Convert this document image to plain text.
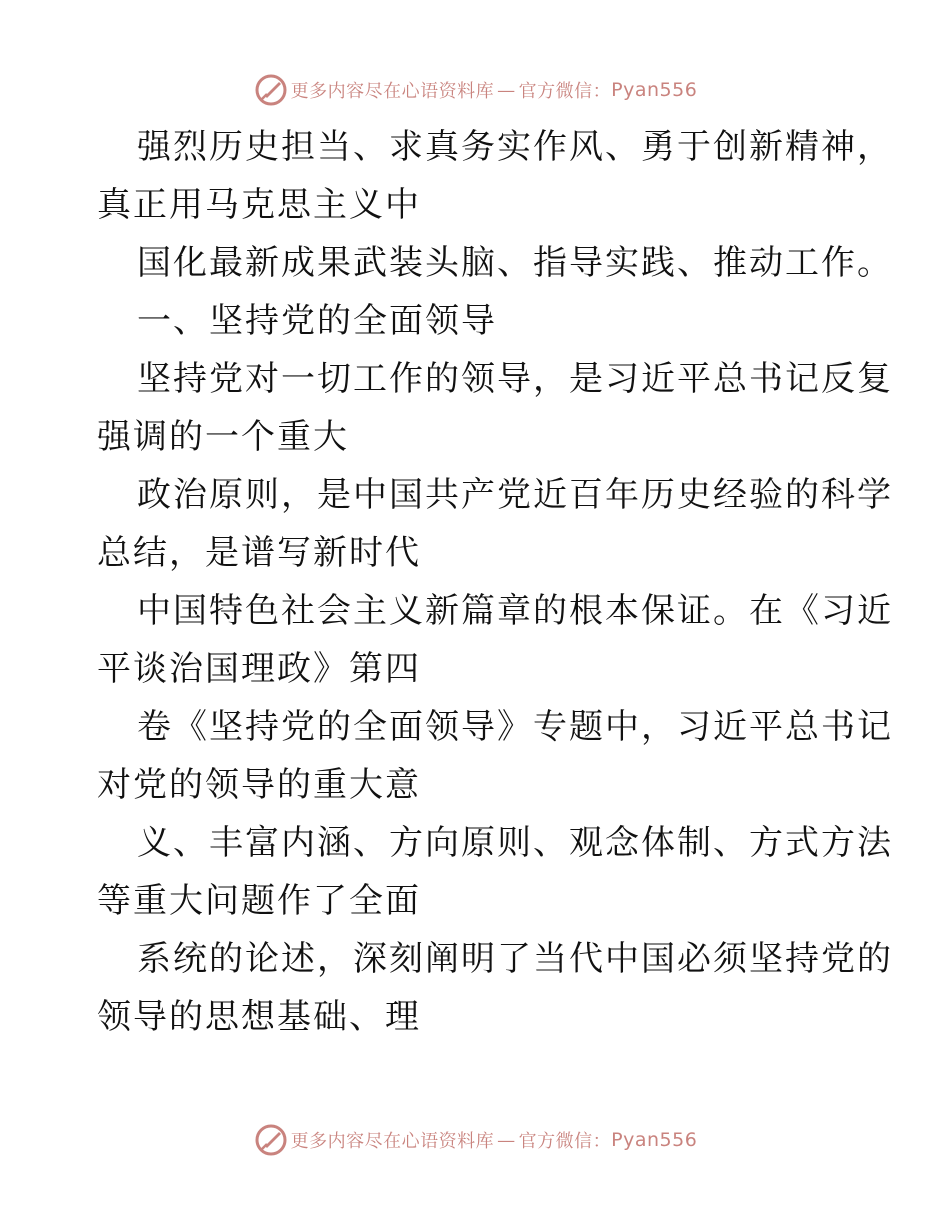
更多内容尽在心语资料库 — 官方微信： Pyan556
强烈历史担当、求真务实作风、勇于创新精神，
真正用马克思主义中
国化最新成果武装头脑、指导实践、推动工作。
一、坚持党的全面领导
坚持党对一切工作的领导，是习近平总书记反复
强调的一个重大
政治原则，是中国共产党近百年历史经验的科学
总结，是谱写新时代
中国特色社会主义新篇章的根本保证。在《习近
平谈治国理政》第四
卷《坚持党的全面领导》专题中，习近平总书记
对党的领导的重大意
义、丰富内涵、方向原则、观念体制、方式方法
等重大问题作了全面
系统的论述，深刻阐明了当代中国必须坚持党的
领导的思想基础、理
更多内容尽在心语资料库 — 官方微信： Pyan556
